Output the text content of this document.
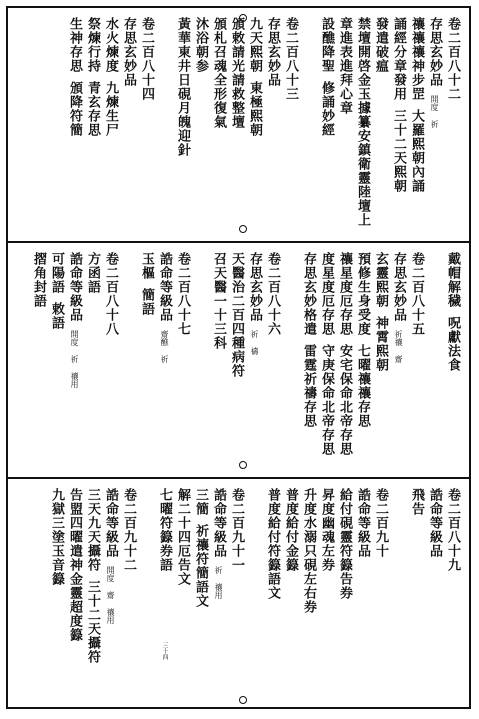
卷二百八十二
存思玄妙品開度 祈
禳禳禳神步罡大羅熙朝內誦
誦經分章發用三十二天熙朝
發遣破瘟
禁壇開啓金玉據纂安鎮衛靈陸壇上
章進表進拜心章
設醮降聖修誦妙經
卷二百八十三
存思玄妙品
九天熙朝東極熙朝
頒敕請光請救整壇
頒札召魂全形復氣
沐浴朝参
黃華東井日硯月魄迎針
卷二百八十四
存思玄妙品
水火煉度九煉生尸
祭煉行持青玄存思
生神存思頒降符簡
戴帽解穢呪獻法食
卷二百八十五
存思玄妙品祈禳 齋
玄靈熙朝神霄熙朝
預修生身受度七曜禳禳存思
禳星度厄存思安宅保命北帝存思
度星度厄存思守庚保命北帝存思
存思玄妙格遣雷霆祈禱存思
卷二百八十六
存思玄妙品祈 禱
天醫治二百四種病符
召天醫一十三科
卷二百八十七
誥命等級品齋醮 祈
玉樞簡語
卷二百八十八
方函語
誥命等級品開度 祈 禳用
可陽語敕語
摺角封語
卷二百八十九
誥命等級品
飛告
卷二百九十
誥命等級品
給付硯靈符籙告券
昇度幽魂左券
升度水溺只硯左右券
普度給付金籙
普度給付符籙語文
卷二百九十一
誥命等級品祈 禳用
三簡祈禳符簡語文
解二十四厄告文
七曜符籙券語
卷二百九十二
誥命等級品開度 齋 禳用
三天九天攝符三十二天攝符
告盟四曜遣神金靈超度籙
九獄三塗玉音籙
三十四
